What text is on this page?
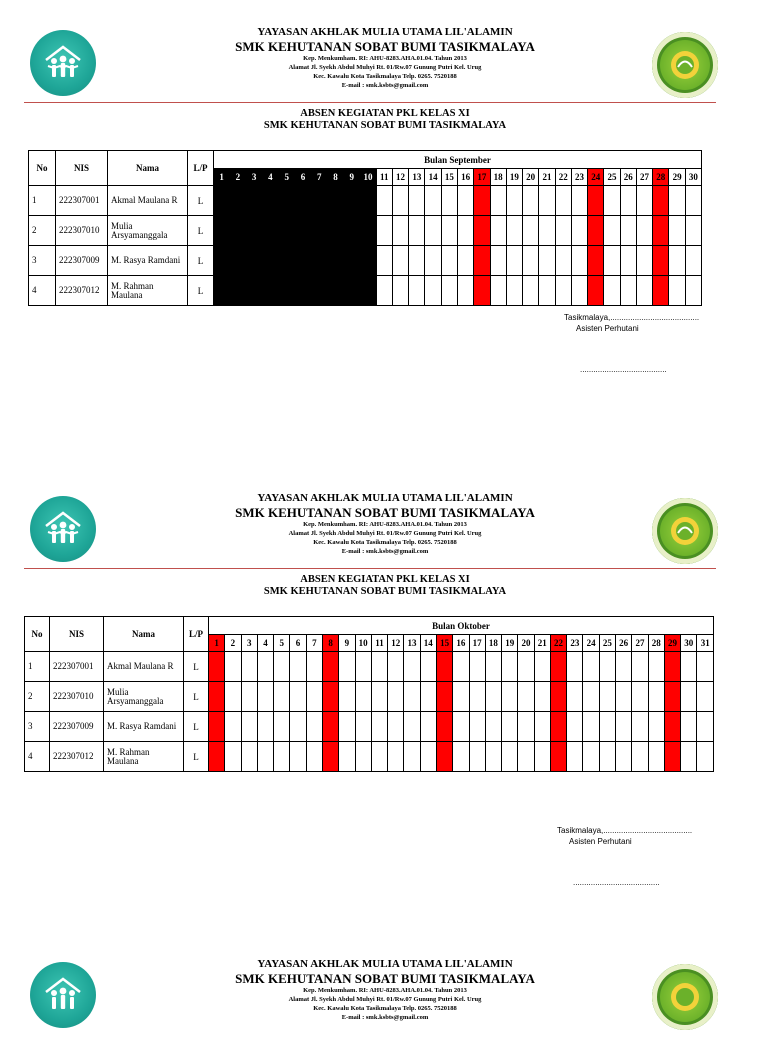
YAYASAN AKHLAK MULIA UTAMA LIL'ALAMIN
SMK KEHUTANAN SOBAT BUMI TASIKMALAYA
Kep. Menkumham. RI: AHU-8283.AHA.01.04. Tahun 2013
Alamat Jl. Syekh Abdul Muhyi Rt. 01/Rw.07 Gunung Putri Kel. Urug
Kec. Kawalu Kota Tasikmalaya Telp. 0265. 7520188
E-mail : smk.ksbts@gmail.com
ABSEN KEGIATAN PKL KELAS XI
SMK KEHUTANAN SOBAT BUMI TASIKMALAYA
No	NIS	Nama	L/P	Bulan September																													
				1	2	3	4	5	6	7	8	9	10	11	12	13	14	15	16	17	18	19	20	21	22	23	24	25	26	27	28	29	30
1	222307001	Akmal Maulana R	L																														
2	222307010	Mulia Arsyamanggala	L																														
3	222307009	M. Rasya Ramdani	L																														
4	222307012	M. Rahman Maulana	L																														
Tasikmalaya,........................................
Asisten Perhutani
.......................................
YAYASAN AKHLAK MULIA UTAMA LIL'ALAMIN
SMK KEHUTANAN SOBAT BUMI TASIKMALAYA
Kep. Menkumham. RI: AHU-8283.AHA.01.04. Tahun 2013
Alamat Jl. Syekh Abdul Muhyi Rt. 01/Rw.07 Gunung Putri Kel. Urug
Kec. Kawalu Kota Tasikmalaya Telp. 0265. 7520188
E-mail : smk.ksbts@gmail.com
ABSEN KEGIATAN PKL KELAS XI
SMK KEHUTANAN SOBAT BUMI TASIKMALAYA
No	NIS	Nama	L/P	Bulan Oktober																														
				1	2	3	4	5	6	7	8	9	10	11	12	13	14	15	16	17	18	19	20	21	22	23	24	25	26	27	28	29	30	31
1	222307001	Akmal Maulana R	L																															
2	222307010	Mulia Arsyamanggala	L																															
3	222307009	M. Rasya Ramdani	L																															
4	222307012	M. Rahman Maulana	L																															
Tasikmalaya,........................................
Asisten Perhutani
.......................................
YAYASAN AKHLAK MULIA UTAMA LIL'ALAMIN
SMK KEHUTANAN SOBAT BUMI TASIKMALAYA
Kep. Menkumham. RI: AHU-8283.AHA.01.04. Tahun 2013
Alamat Jl. Syekh Abdul Muhyi Rt. 01/Rw.07 Gunung Putri Kel. Urug
Kec. Kawalu Kota Tasikmalaya Telp. 0265. 7520188
E-mail : smk.ksbts@gmail.com
